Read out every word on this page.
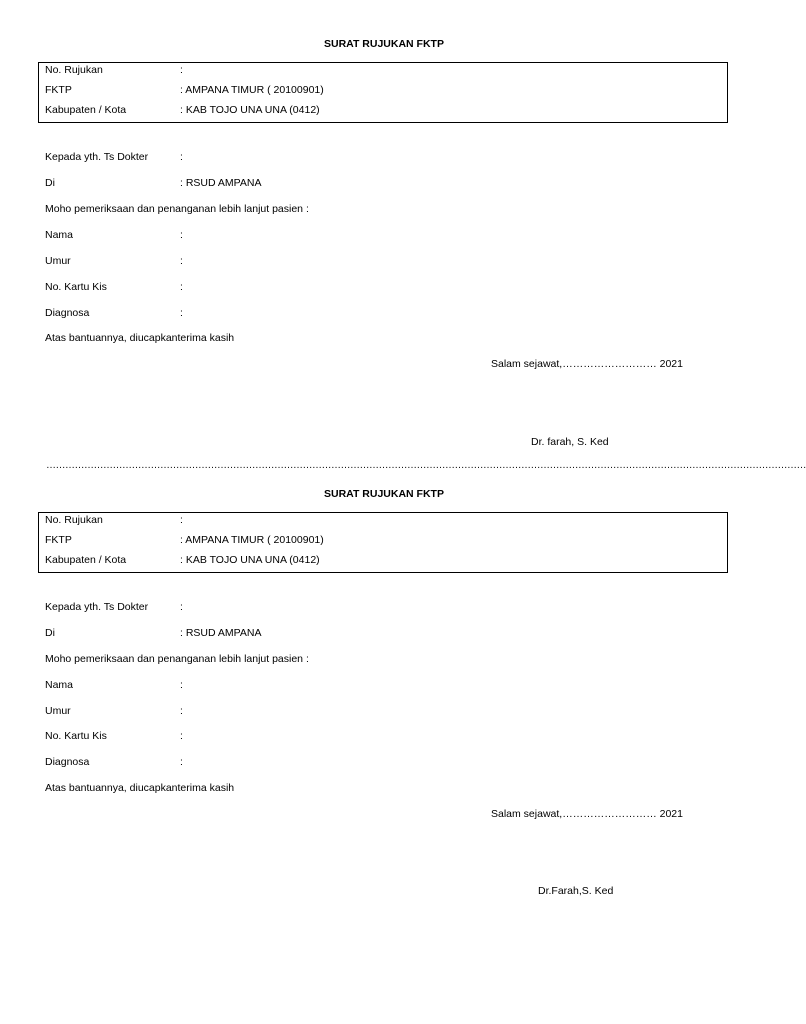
SURAT RUJUKAN FKTP
No. Rujukan	:
FKTP	: AMPANA TIMUR ( 20100901)
Kabupaten / Kota	: KAB TOJO UNA UNA (0412)
Kepada yth. Ts Dokter	:
Di	: RSUD AMPANA
Moho pemeriksaan dan penanganan lebih lanjut pasien :
Nama	:
Umur	:
No. Kartu Kis	:
Diagnosa	:
Atas bantuannya, diucapkanterima kasih
Salam sejawat,……………………… 2021
Dr. farah, S. Ked
……………………………………………………………………………………………………………………………………………………………………………………………………………………
SURAT RUJUKAN FKTP
No. Rujukan	:
FKTP	: AMPANA TIMUR ( 20100901)
Kabupaten / Kota	: KAB TOJO UNA UNA (0412)
Kepada yth. Ts Dokter	:
Di	: RSUD AMPANA
Moho pemeriksaan dan penanganan lebih lanjut pasien :
Nama	:
Umur	:
No. Kartu Kis	:
Diagnosa	:
Atas bantuannya, diucapkanterima kasih
Salam sejawat,……………………… 2021
Dr.Farah,S. Ked
